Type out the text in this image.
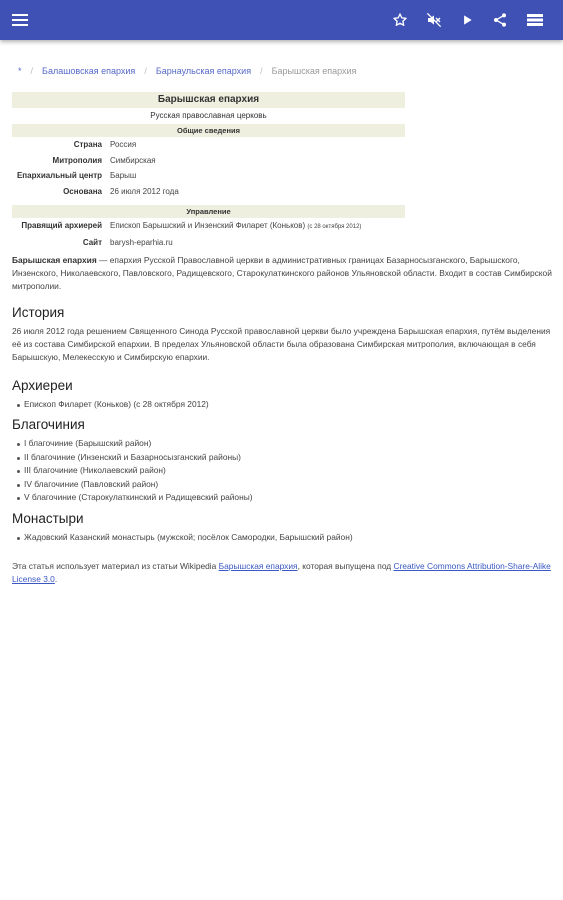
* / Балашовская епархия / Барнаульская епархия / Барышская епархия
Барышская епархия	
Русская православная церковь	
Общие сведения	
Страна	Россия
Митрополия	Симбирская
Епархиальный центр	Барыш
Основана	26 июля 2012 года

Управление	
Правящий архиерей	Епископ Барышский и Инзенский Филарет (Коньков) (с 28 октября 2012)
Сайт	barysh-eparhia.ru

Барышская епархия — епархия Русской Православной церкви в административных границах Базарносызганского, Барышского, Инзенского, Николаевского, Павловского, Радищевского, Старокулаткинского районов Ульяновской области. Входит в состав Симбирской митрополии.

История

26 июля 2012 года решением Священного Синода Русской православной церкви было учреждена Барышская епархия, путём выделения её из состава Симбирской епархии. В пределах Ульяновской области была образована Симбирская митрополия, включающая в себя Барышскую, Мелекесскую и Симбирскую епархии.

Архиереи
Епископ Филарет (Коньков) (с 28 октября 2012)
Благочиния
I благочиние (Барышский район)
II благочиние (Инзенский и Базарносызганский районы)
III благочиние (Николаевский район)
IV благочиние (Павловский район)
V благочиние (Старокулаткинский и Радищевский районы)
Монастыри
Жадовский Казанский монастырь (мужской; посёлок Самородки, Барышский район)

Эта статья использует материал из статьи Wikipedia Барышская епархия, которая выпущена под Creative Commons Attribution-Share-Alike License 3.0.
